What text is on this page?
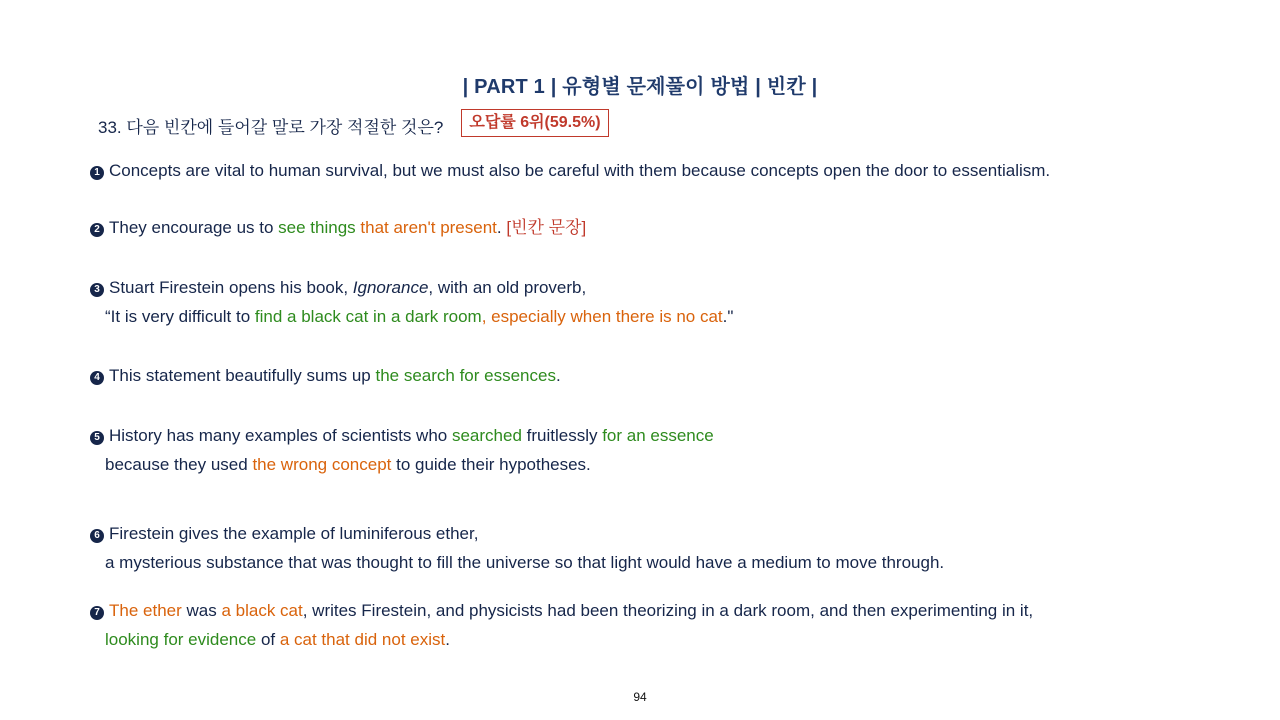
| PART 1 | 유형별 문제풀이 방법 | 빈칸 |
33. 다음 빈칸에 들어갈 말로 가장 적절한 것은?	오답률 6위(59.5%)
1 Concepts are vital to human survival, but we must also be careful with them because concepts open the door to essentialism.
2 They encourage us to see things that aren't present. [빈칸 문장]
3 Stuart Firestein opens his book, Ignorance, with an old proverb,
“It is very difficult to find a black cat in a dark room, especially when there is no cat."
4 This statement beautifully sums up the search for essences.
5 History has many examples of scientists who searched fruitlessly for an essence
because they used the wrong concept to guide their hypotheses.
6 Firestein gives the example of luminiferous ether,
a mysterious substance that was thought to fill the universe so that light would have a medium to move through.
7 The ether was a black cat, writes Firestein, and physicists had been theorizing in a dark room, and then experimenting in it,
looking for evidence of a cat that did not exist.
94
